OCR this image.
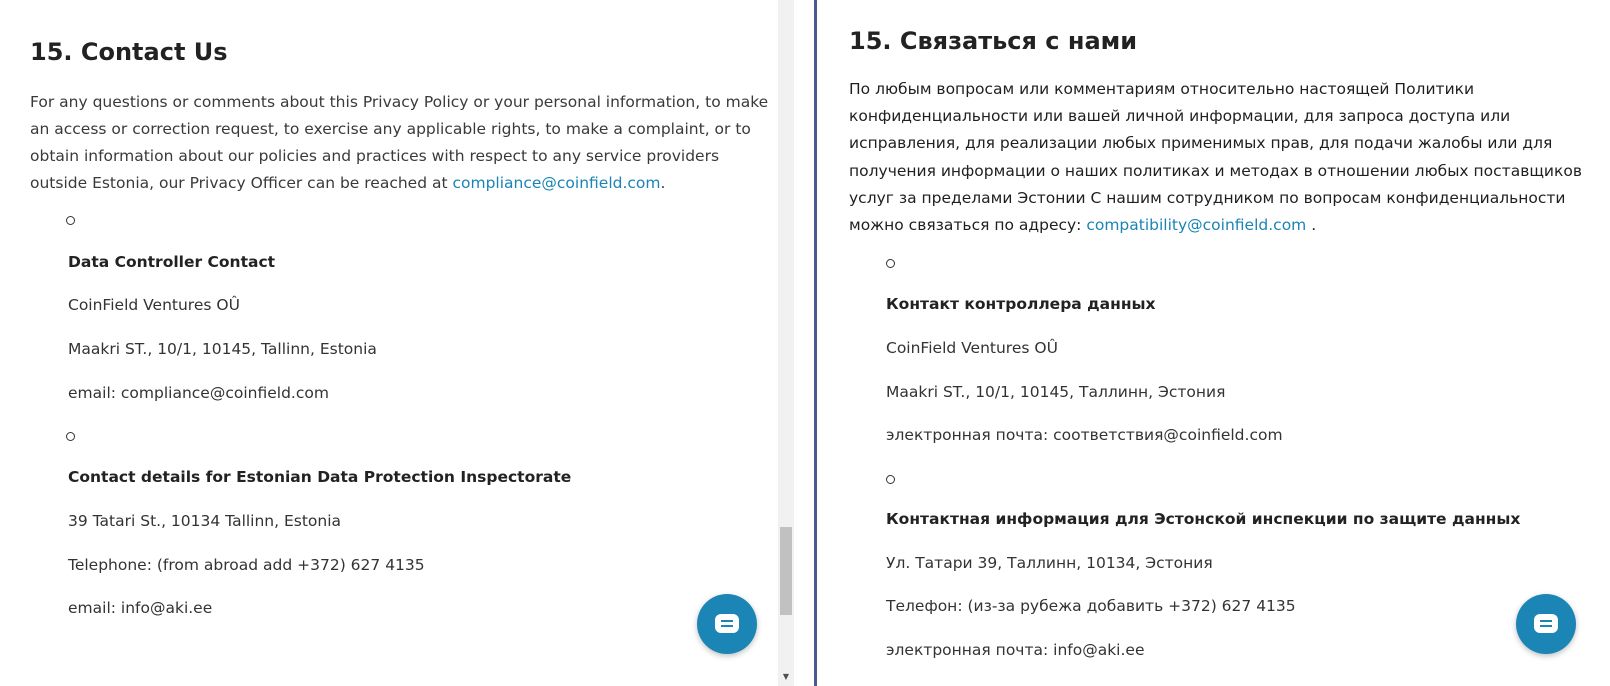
15. Contact Us

For any questions or comments about this Privacy Policy or your personal information, to make an access or correction request, to exercise any applicable rights, to make a complaint, or to obtain information about our policies and practices with respect to any service providers outside Estonia, our Privacy Officer can be reached at compliance@coinfield.com.

Data Controller Contact
CoinField Ventures OÛ
Maakri ST., 10/1, 10145, Tallinn, Estonia
email: compliance@coinfield.com
Contact details for Estonian Data Protection Inspectorate
39 Tatari St., 10134 Tallinn, Estonia
Telephone: (from abroad add +372) 627 4135
email: info@aki.ee
▼
15. Связаться с нами

По любым вопросам или комментариям относительно настоящей Политики конфиденциальности или вашей личной информации, для запроса доступа или исправления, для реализации любых применимых прав, для подачи жалобы или для получения информации о наших политиках и методах в отношении любых поставщиков услуг за пределами Эстонии С нашим сотрудником по вопросам конфиденциальности можно связаться по адресу: compatibility@coinfield.com .

Контакт контроллера данных
CoinField Ventures OÛ
Maakri ST., 10/1, 10145, Таллинн, Эстония
электронная почта: соответствия@coinfield.com
Контактная информация для Эстонской инспекции по защите данных
Ул. Татари 39, Таллинн, 10134, Эстония
Телефон: (из-за рубежа добавить +372) 627 4135
электронная почта: info@aki.ee
